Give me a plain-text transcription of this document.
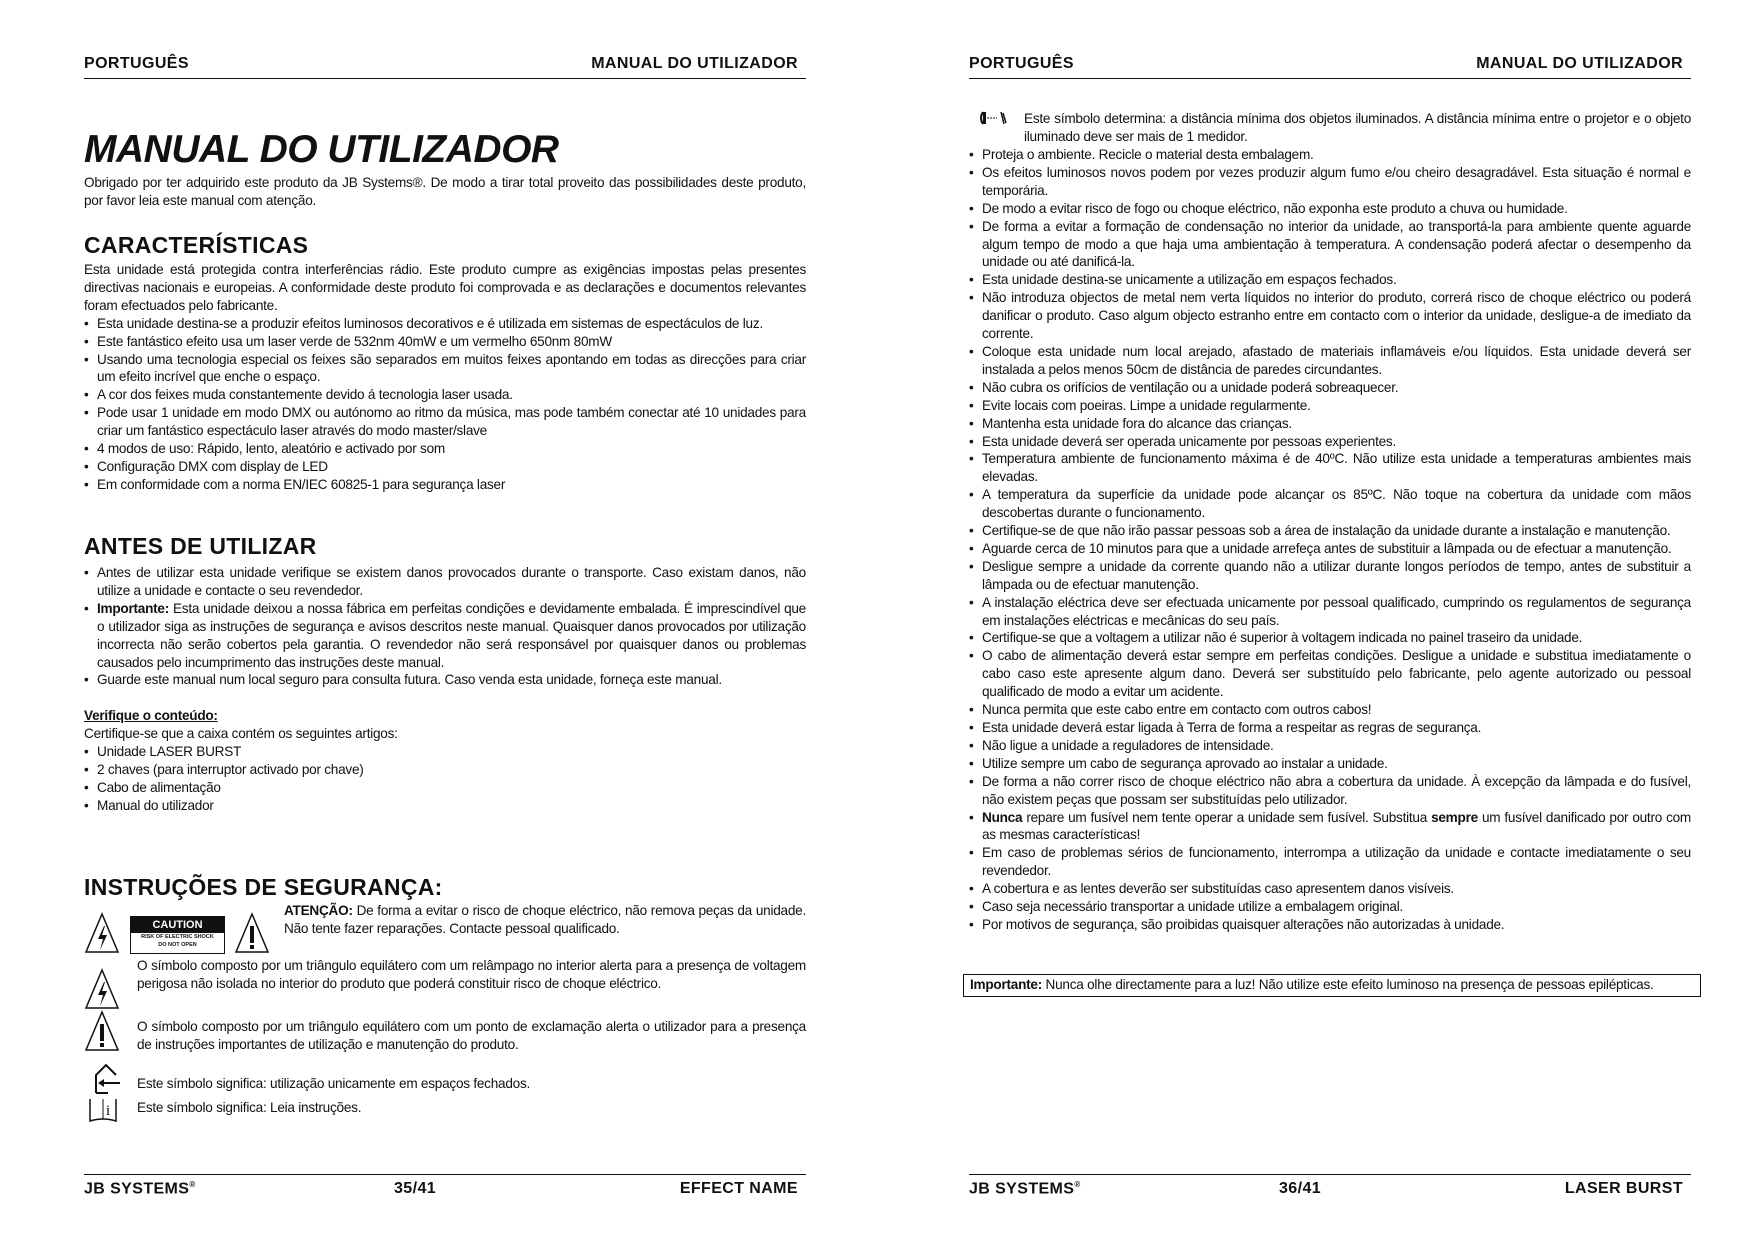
PORTUGUÊS	MANUAL DO UTILIZADOR
MANUAL DO UTILIZADOR
Obrigado por ter adquirido este produto da JB Systems®. De modo a tirar total proveito das possibilidades deste produto, por favor leia este manual com atenção.
CARACTERÍSTICAS

Esta unidade está protegida contra interferências rádio. Este produto cumpre as exigências impostas pelas presentes directivas nacionais e europeias. A conformidade deste produto foi comprovada e as declarações e documentos relevantes foram efectuados pelo fabricante.

• Esta unidade destina-se a produzir efeitos luminosos decorativos e é utilizada em sistemas de espectáculos de luz.
• Este fantástico efeito usa um laser verde de 532nm 40mW e um vermelho 650nm 80mW
• Usando uma tecnologia especial os feixes são separados em muitos feixes apontando em todas as direcções para criar um efeito incrível que enche o espaço.
• A cor dos feixes muda constantemente devido á tecnologia laser usada.
• Pode usar 1 unidade em modo DMX ou autónomo ao ritmo da música, mas pode também conectar até 10 unidades para criar um fantástico espectáculo laser através do modo master/slave
• 4 modos de uso: Rápido, lento, aleatório e activado por som
• Configuração DMX com display de LED
• Em conformidade com a norma EN/IEC 60825-1 para segurança laser
ANTES DE UTILIZAR
• Antes de utilizar esta unidade verifique se existem danos provocados durante o transporte. Caso existam danos, não utilize a unidade e contacte o seu revendedor.
• Importante: Esta unidade deixou a nossa fábrica em perfeitas condições e devidamente embalada. É imprescindível que o utilizador siga as instruções de segurança e avisos descritos neste manual. Quaisquer danos provocados por utilização incorrecta não serão cobertos pela garantia. O revendedor não será responsável por quaisquer danos ou problemas causados pelo incumprimento das instruções deste manual.
• Guarde este manual num local seguro para consulta futura. Caso venda esta unidade, forneça este manual.

Verifique o conteúdo:

Certifique-se que a caixa contém os seguintes artigos:

• Unidade LASER BURST
• 2 chaves (para interruptor activado por chave)
• Cabo de alimentação
• Manual do utilizador
INSTRUÇÕES DE SEGURANÇA:
CAUTION
RISK OF ELECTRIC SHOCK
DO NOT OPEN
ATENÇÃO: De forma a evitar o risco de choque eléctrico, não remova peças da unidade. Não tente fazer reparações. Contacte pessoal qualificado.
O símbolo composto por um triângulo equilátero com um relâmpago no interior alerta para a presença de voltagem perigosa não isolada no interior do produto que poderá constituir risco de choque eléctrico.
O símbolo composto por um triângulo equilátero com um ponto de exclamação alerta o utilizador para a presença de instruções importantes de utilização e manutenção do produto.
Este símbolo significa: utilização unicamente em espaços fechados.
i Este símbolo significa: Leia instruções.
JB SYSTEMS®	35/41	EFFECT NAME
PORTUGUÊS	MANUAL DO UTILIZADOR
Este símbolo determina: a distância mínima dos objetos iluminados. A distância mínima entre o projetor e o objeto iluminado deve ser mais de 1 medidor.
• Proteja o ambiente. Recicle o material desta embalagem.
• Os efeitos luminosos novos podem por vezes produzir algum fumo e/ou cheiro desagradável. Esta situação é normal e temporária.
• De modo a evitar risco de fogo ou choque eléctrico, não exponha este produto a chuva ou humidade.
• De forma a evitar a formação de condensação no interior da unidade, ao transportá-la para ambiente quente aguarde algum tempo de modo a que haja uma ambientação à temperatura. A condensação poderá afectar o desempenho da unidade ou até danificá-la.
• Esta unidade destina-se unicamente a utilização em espaços fechados.
• Não introduza objectos de metal nem verta líquidos no interior do produto, correrá risco de choque eléctrico ou poderá danificar o produto. Caso algum objecto estranho entre em contacto com o interior da unidade, desligue-a de imediato da corrente.
• Coloque esta unidade num local arejado, afastado de materiais inflamáveis e/ou líquidos. Esta unidade deverá ser instalada a pelos menos 50cm de distância de paredes circundantes.
• Não cubra os orifícios de ventilação ou a unidade poderá sobreaquecer.
• Evite locais com poeiras. Limpe a unidade regularmente.
• Mantenha esta unidade fora do alcance das crianças.
• Esta unidade deverá ser operada unicamente por pessoas experientes.
• Temperatura ambiente de funcionamento máxima é de 40ºC. Não utilize esta unidade a temperaturas ambientes mais elevadas.
• A temperatura da superfície da unidade pode alcançar os 85ºC. Não toque na cobertura da unidade com mãos descobertas durante o funcionamento.
• Certifique-se de que não irão passar pessoas sob a área de instalação da unidade durante a instalação e manutenção.
• Aguarde cerca de 10 minutos para que a unidade arrefeça antes de substituir a lâmpada ou de efectuar a manutenção.
• Desligue sempre a unidade da corrente quando não a utilizar durante longos períodos de tempo, antes de substituir a lâmpada ou de efectuar manutenção.
• A instalação eléctrica deve ser efectuada unicamente por pessoal qualificado, cumprindo os regulamentos de segurança em instalações eléctricas e mecânicas do seu país.
• Certifique-se que a voltagem a utilizar não é superior à voltagem indicada no painel traseiro da unidade.
• O cabo de alimentação deverá estar sempre em perfeitas condições. Desligue a unidade e substitua imediatamente o cabo caso este apresente algum dano. Deverá ser substituído pelo fabricante, pelo agente autorizado ou pessoal qualificado de modo a evitar um acidente.
• Nunca permita que este cabo entre em contacto com outros cabos!
• Esta unidade deverá estar ligada à Terra de forma a respeitar as regras de segurança.
• Não ligue a unidade a reguladores de intensidade.
• Utilize sempre um cabo de segurança aprovado ao instalar a unidade.
• De forma a não correr risco de choque eléctrico não abra a cobertura da unidade. À excepção da lâmpada e do fusível, não existem peças que possam ser substituídas pelo utilizador.
• Nunca repare um fusível nem tente operar a unidade sem fusível. Substitua sempre um fusível danificado por outro com as mesmas características!
• Em caso de problemas sérios de funcionamento, interrompa a utilização da unidade e contacte imediatamente o seu revendedor.
• A cobertura e as lentes deverão ser substituídas caso apresentem danos visíveis.
• Caso seja necessário transportar a unidade utilize a embalagem original.
• Por motivos de segurança, são proibidas quaisquer alterações não autorizadas à unidade.
Importante: Nunca olhe directamente para a luz! Não utilize este efeito luminoso na presença de pessoas epilépticas.
JB SYSTEMS®	36/41	LASER BURST
